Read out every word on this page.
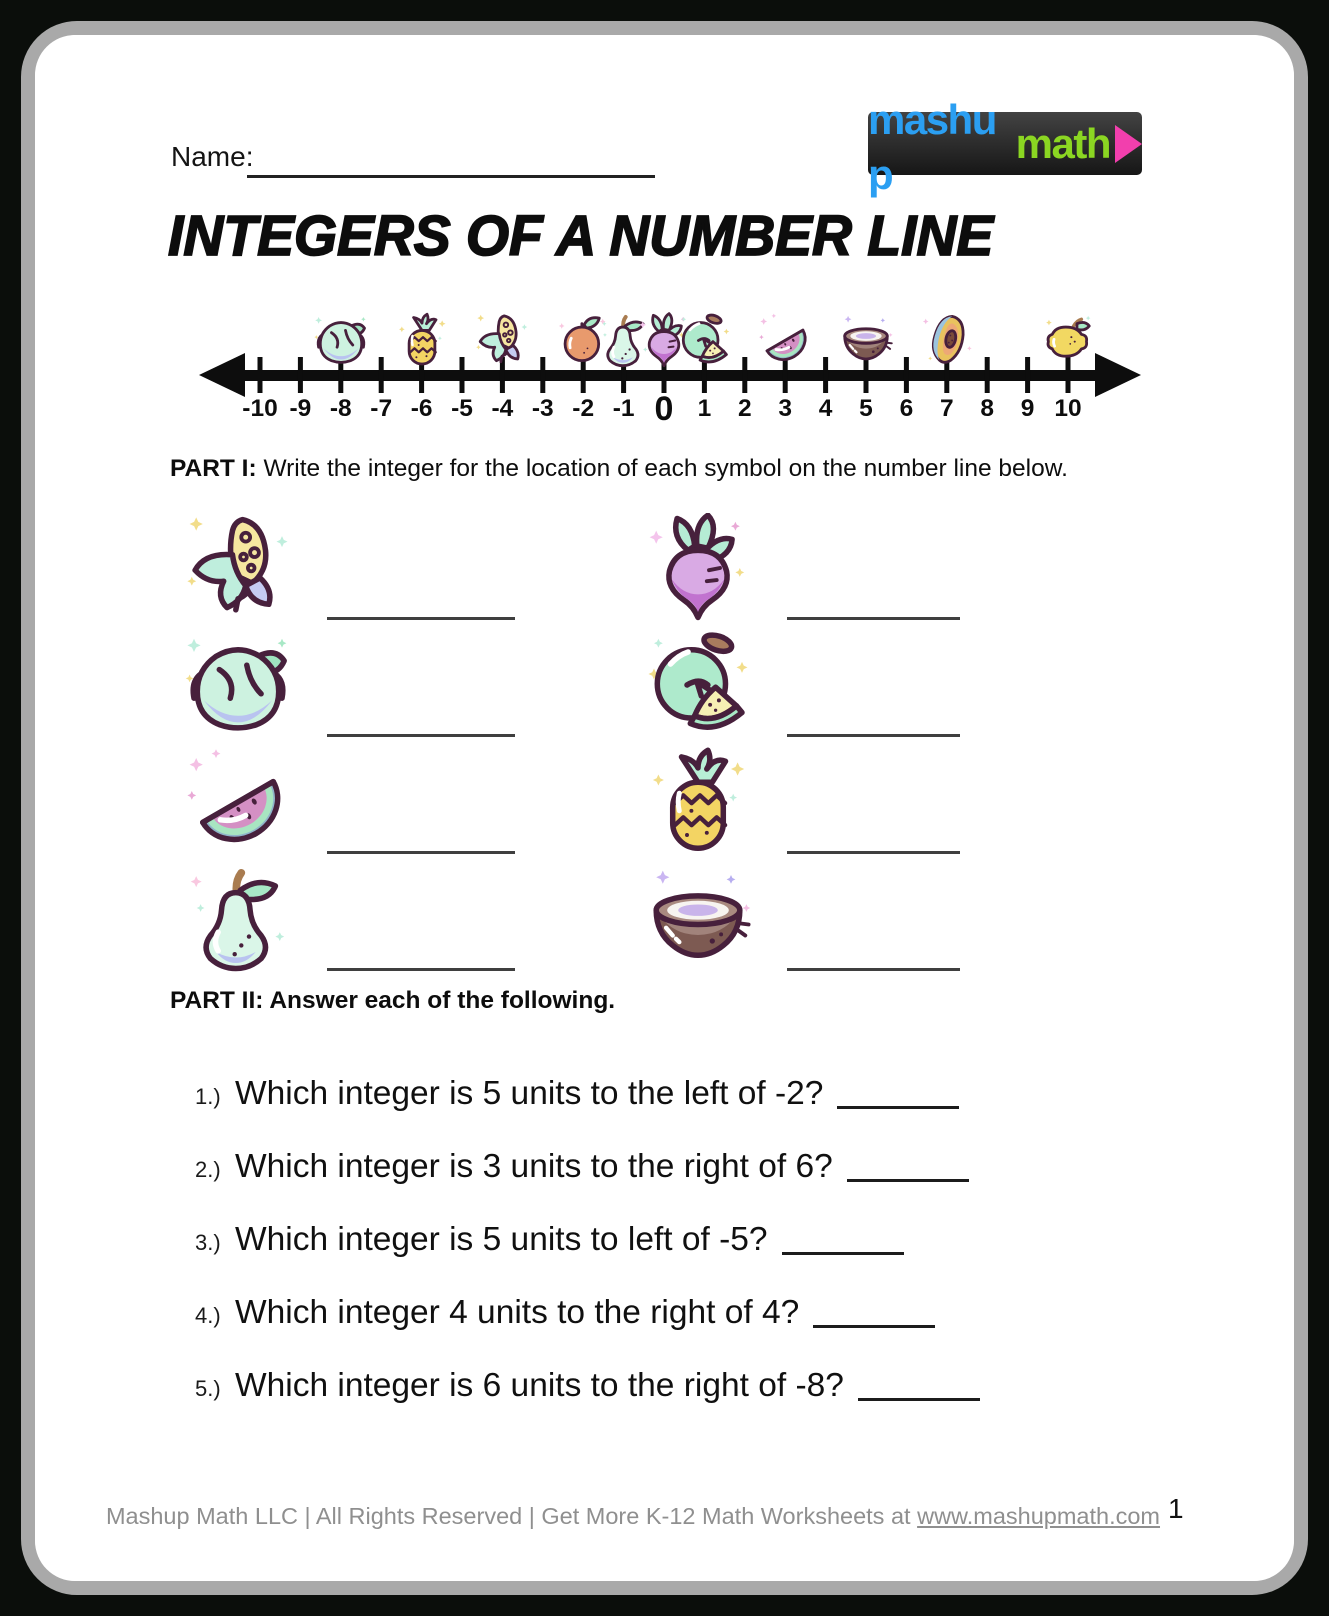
Name:
mashup
math
INTEGERS OF A NUMBER LINE
-10 -9 -8 -7 -6 -5 -4 -3 -2 -1 0 1 2 3 4 5 6 7 8 9 10
PART I: Write the integer for the location of each symbol on the number line below.
PART II: Answer each of the following.
1.) Which integer is 5 units to the left of -2?
2.) Which integer is 3 units to the right of 6?
3.) Which integer is 5 units to left of -5?
4.) Which integer 4 units to the right of 4?
5.) Which integer is 6 units to the right of -8?
Mashup Math LLC | All Rights Reserved | Get More K-12 Math Worksheets at www.mashupmath.com 1
